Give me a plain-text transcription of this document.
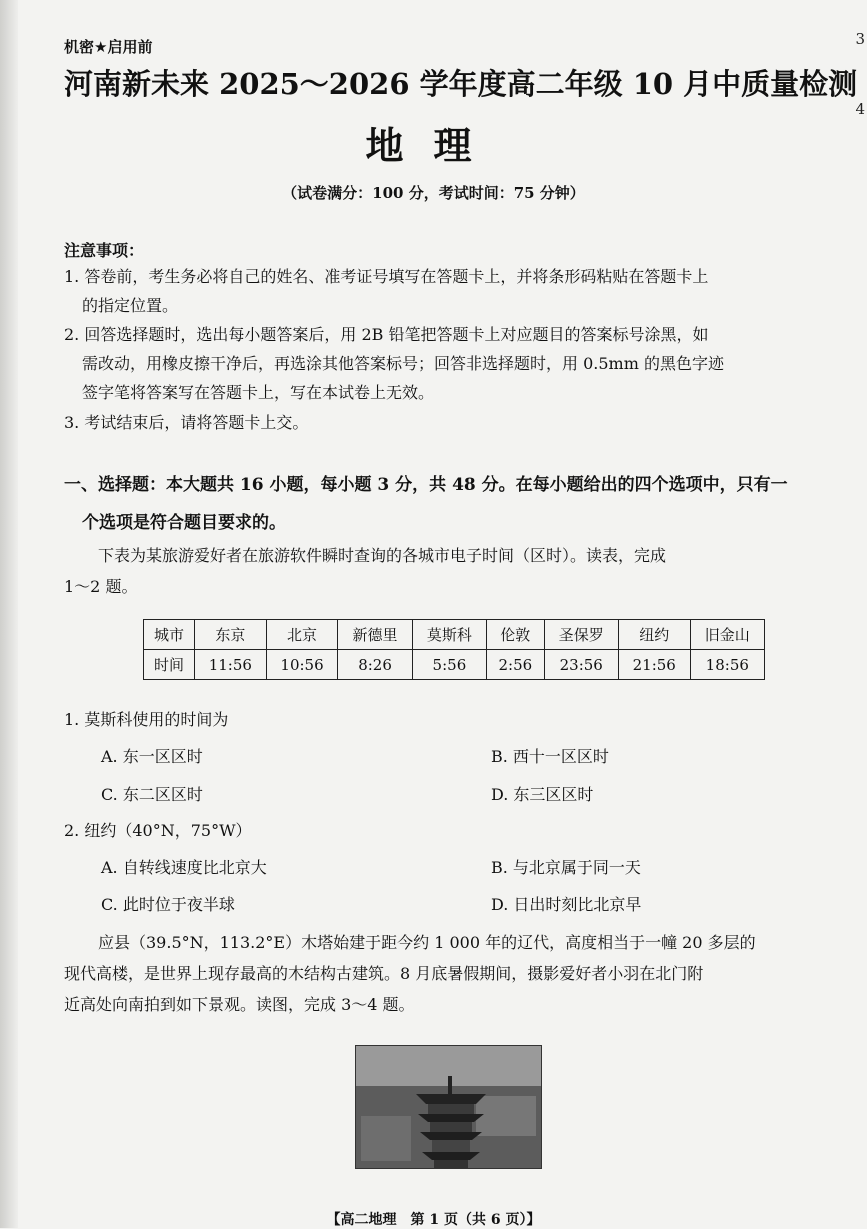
3
4
机密★启用前
河南新未来 2025～2026 学年度高二年级 10 月中质量检测
地理
（试卷满分：100 分，考试时间：75 分钟）
注意事项：
1. 答卷前，考生务必将自己的姓名、准考证号填写在答题卡上，并将条形码粘贴在答题卡上
的指定位置。
2. 回答选择题时，选出每小题答案后，用 2B 铅笔把答题卡上对应题目的答案标号涂黑，如
需改动，用橡皮擦干净后，再选涂其他答案标号；回答非选择题时，用 0.5mm 的黑色字迹
签字笔将答案写在答题卡上，写在本试卷上无效。
3. 考试结束后，请将答题卡上交。
一、选择题：本大题共 16 小题，每小题 3 分，共 48 分。在每小题给出的四个选项中，只有一
个选项是符合题目要求的。
下表为某旅游爱好者在旅游软件瞬时查询的各城市电子时间（区时）。读表，完成
1～2 题。
城市	东京	北京	新德里	莫斯科	伦敦	圣保罗	纽约	旧金山
时间	11:56	10:56	8:26	5:56	2:56	23:56	21:56	18:56
1. 莫斯科使用的时间为
A. 东一区区时	B. 西十一区区时
C. 东二区区时	D. 东三区区时
2. 纽约（40°N，75°W）
A. 自转线速度比北京大	B. 与北京属于同一天
C. 此时位于夜半球	D. 日出时刻比北京早
应县（39.5°N，113.2°E）木塔始建于距今约 1 000 年的辽代，高度相当于一幢 20 多层的
现代高楼，是世界上现存最高的木结构古建筑。8 月底暑假期间，摄影爱好者小羽在北门附
近高处向南拍到如下景观。读图，完成 3～4 题。
【高二地理　第 1 页（共 6 页）】
